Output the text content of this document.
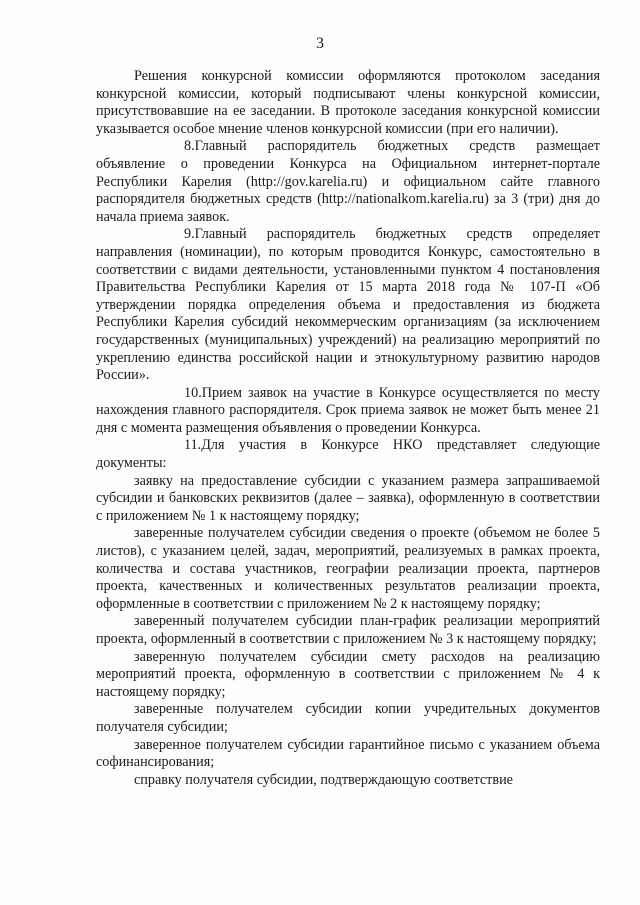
3

Решения конкурсной комиссии оформляются протоколом заседания конкурсной комиссии, который подписывают члены конкурсной комиссии, присутствовавшие на ее заседании. В протоколе заседания конкурсной комиссии указывается особое мнение членов конкурсной комиссии (при его наличии).

8.Главный распорядитель бюджетных средств размещает объявление о проведении Конкурса на Официальном интернет-портале Республики Карелия (http://gov.karelia.ru) и официальном сайте главного распорядителя бюджетных средств (http://nationalkom.karelia.ru) за 3 (три) дня до начала приема заявок.

9.Главный распорядитель бюджетных средств определяет направления (номинации), по которым проводится Конкурс, самостоятельно в соответствии с видами деятельности, установленными пунктом 4 постановления Правительства Республики Карелия от 15 марта 2018 года № 107-П «Об утверждении порядка определения объема и предоставления из бюджета Республики Карелия субсидий некоммерческим организациям (за исключением государственных (муниципальных) учреждений) на реализацию мероприятий по укреплению единства российской нации и этнокультурному развитию народов России».

10.Прием заявок на участие в Конкурсе осуществляется по месту нахождения главного распорядителя. Срок приема заявок не может быть менее 21 дня с момента размещения объявления о проведении Конкурса.

11.Для участия в Конкурсе НКО представляет следующие документы:

заявку на предоставление субсидии с указанием размера запрашиваемой субсидии и банковских реквизитов (далее – заявка), оформленную в соответствии с приложением № 1 к настоящему порядку;

заверенные получателем субсидии сведения о проекте (объемом не более 5 листов), с указанием целей, задач, мероприятий, реализуемых в рамках проекта, количества и состава участников, географии реализации проекта, партнеров проекта, качественных и количественных результатов реализации проекта, оформленные в соответствии с приложением № 2 к настоящему порядку;

заверенный получателем субсидии план-график реализации мероприятий проекта, оформленный в соответствии с приложением № 3 к настоящему порядку;

заверенную получателем субсидии смету расходов на реализацию мероприятий проекта, оформленную в соответствии с приложением № 4 к настоящему порядку;

заверенные получателем субсидии копии учредительных документов получателя субсидии;

заверенное получателем субсидии гарантийное письмо с указанием объема софинансирования;

справку получателя субсидии, подтверждающую соответствие
